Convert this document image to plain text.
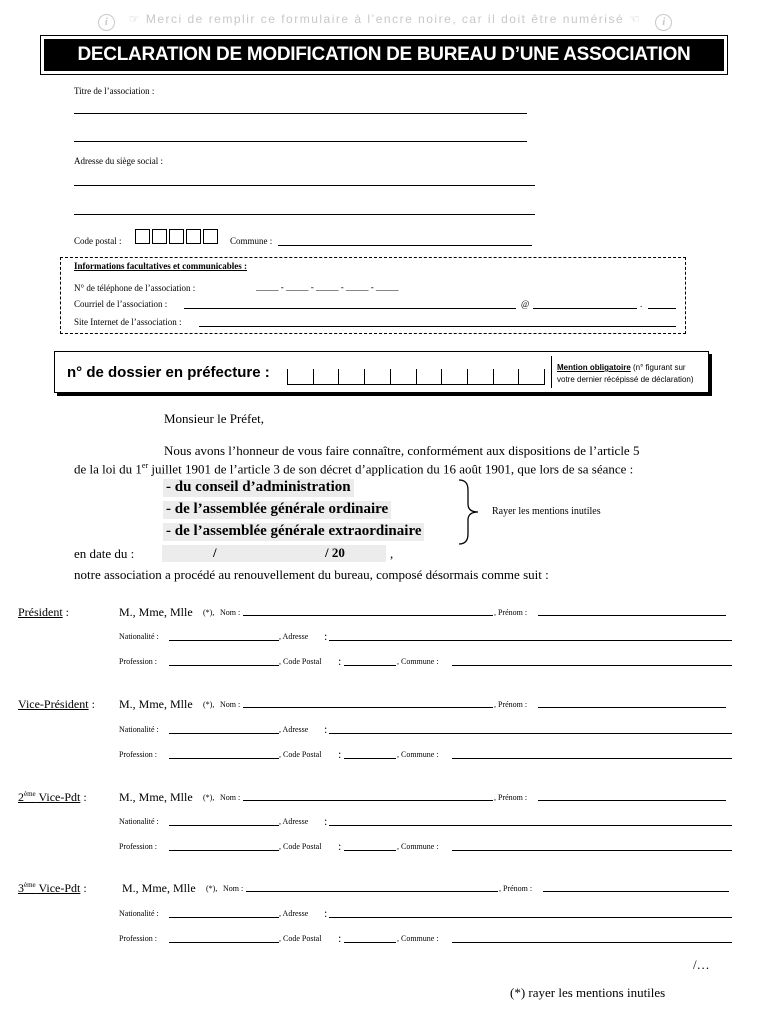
i ☞ Merci de remplir ce formulaire à l’encre noire, car il doit être numérisé ☜ i
DECLARATION DE MODIFICATION DE BUREAU D’UNE ASSOCIATION
Titre de l’association :
Adresse du siège social :
Code postal :	Commune :
Informations facultatives et communicables :
N° de téléphone de l’association :	_____ - _____ - _____ - _____ - _____
Courriel de l’association :	@	.
Site Internet de l’association :
n° de dossier en préfecture :	Mention obligatoire (n° figurant sur
votre dernier récépissé de déclaration)
Monsieur le Préfet,
Nous avons l’honneur de vous faire connaître, conformément aux dispositions de l’article 5
de la loi du 1er juillet 1901 de l’article 3 de son décret d’application du 16 août 1901, que lors de sa séance :
- du conseil d’administration
- de l’assemblée générale ordinaire
- de l’assemblée générale extraordinaire
Rayer les mentions inutiles
en date du :	/	/ 20	,
notre association a procédé au renouvellement du bureau, composé désormais comme suit :
Président :	M., Mme, Mlle (*), Nom :	, Prénom :
Nationalité :	, Adresse :
Profession :	, Code Postal :	, Commune :
Vice-Président : M., Mme, Mlle (*), Nom :	, Prénom :
Nationalité :	, Adresse :
Profession :	, Code Postal :	, Commune :
2ème Vice-Pdt :	M., Mme, Mlle (*), Nom :	, Prénom :
Nationalité :	, Adresse :
Profession :	, Code Postal :	, Commune :
3ème Vice-Pdt :	M., Mme, Mlle (*), Nom :	, Prénom :
Nationalité :	, Adresse :
Profession :	, Code Postal :	, Commune :
/…
(*) rayer les mentions inutiles
